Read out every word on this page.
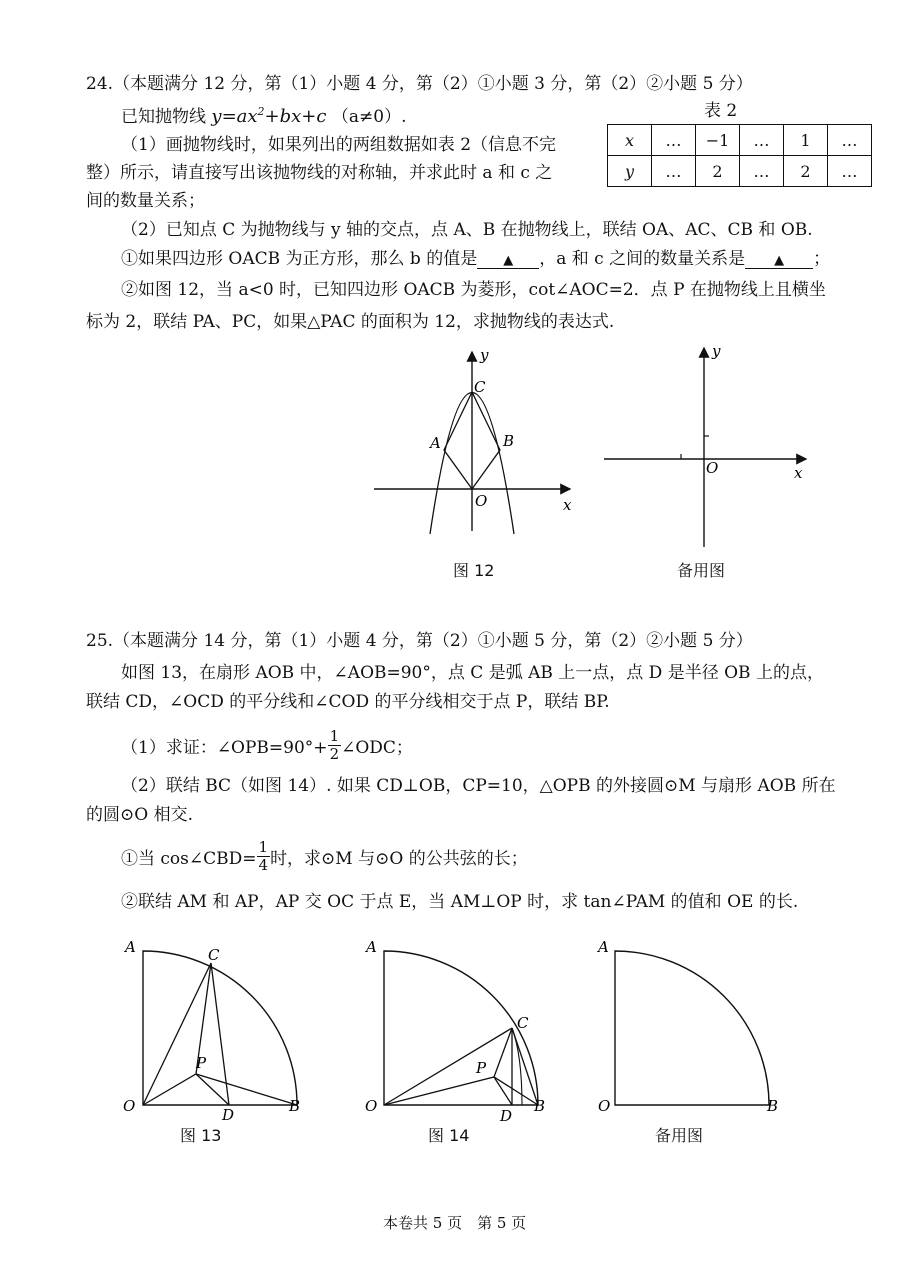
24.（本题满分 12 分，第（1）小题 4 分，第（2）①小题 3 分，第（2）②小题 5 分）
已知抛物线 $y=ax^2+bx+c$ （a≠0）.	表 2
x	…	−1	…	1	…
y	…	2	…	2	…
（1）画抛物线时，如果列出的两组数据如表 2（信息不完
整）所示，请直接写出该抛物线的对称轴，并求此时 a 和 c 之
间的数量关系；
（2）已知点 C 为抛物线与 y 轴的交点，点 A、B 在抛物线上，联结 OA、AC、CB 和 OB.
①如果四边形 OACB 为正方形，那么 b 的值是 ▲ ，a 和 c 之间的数量关系是 ▲ ；
②如图 12，当 a<0 时，已知四边形 OACB 为菱形，cot∠AOC=2．点 P 在抛物线上且横坐
标为 2，联结 PA、PC，如果△PAC 的面积为 12，求抛物线的表达式.
y
x
O
A	B
C
图 12
y
x
O
备用图
25.（本题满分 14 分，第（1）小题 4 分，第（2）①小题 5 分，第（2）②小题 5 分）
如图 13，在扇形 AOB 中，∠AOB=90°，点 C 是弧 AB 上一点，点 D 是半径 OB 上的点，
联结 CD，∠OCD 的平分线和∠COD 的平分线相交于点 P，联结 BP.
（1）求证：∠OPB=90°+ $\frac{1}{2}$ ∠ODC；
（2）联结 BC（如图 14）. 如果 CD⊥OB，CP=10，△OPB 的外接圆⊙M 与扇形 AOB 所在
的圆⊙O 相交.
①当 cos∠CBD= $\frac{1}{4}$ 时，求⊙M 与⊙O 的公共弦的长；
②联结 AM 和 AP，AP 交 OC 于点 E，当 AM⊥OP 时，求 tan∠PAM 的值和 OE 的长.
A	C
P
O	D	B
图 13
A
C
P
O
D
B
图 14
A
O	B
备用图
本卷共 5 页　第 5 页
